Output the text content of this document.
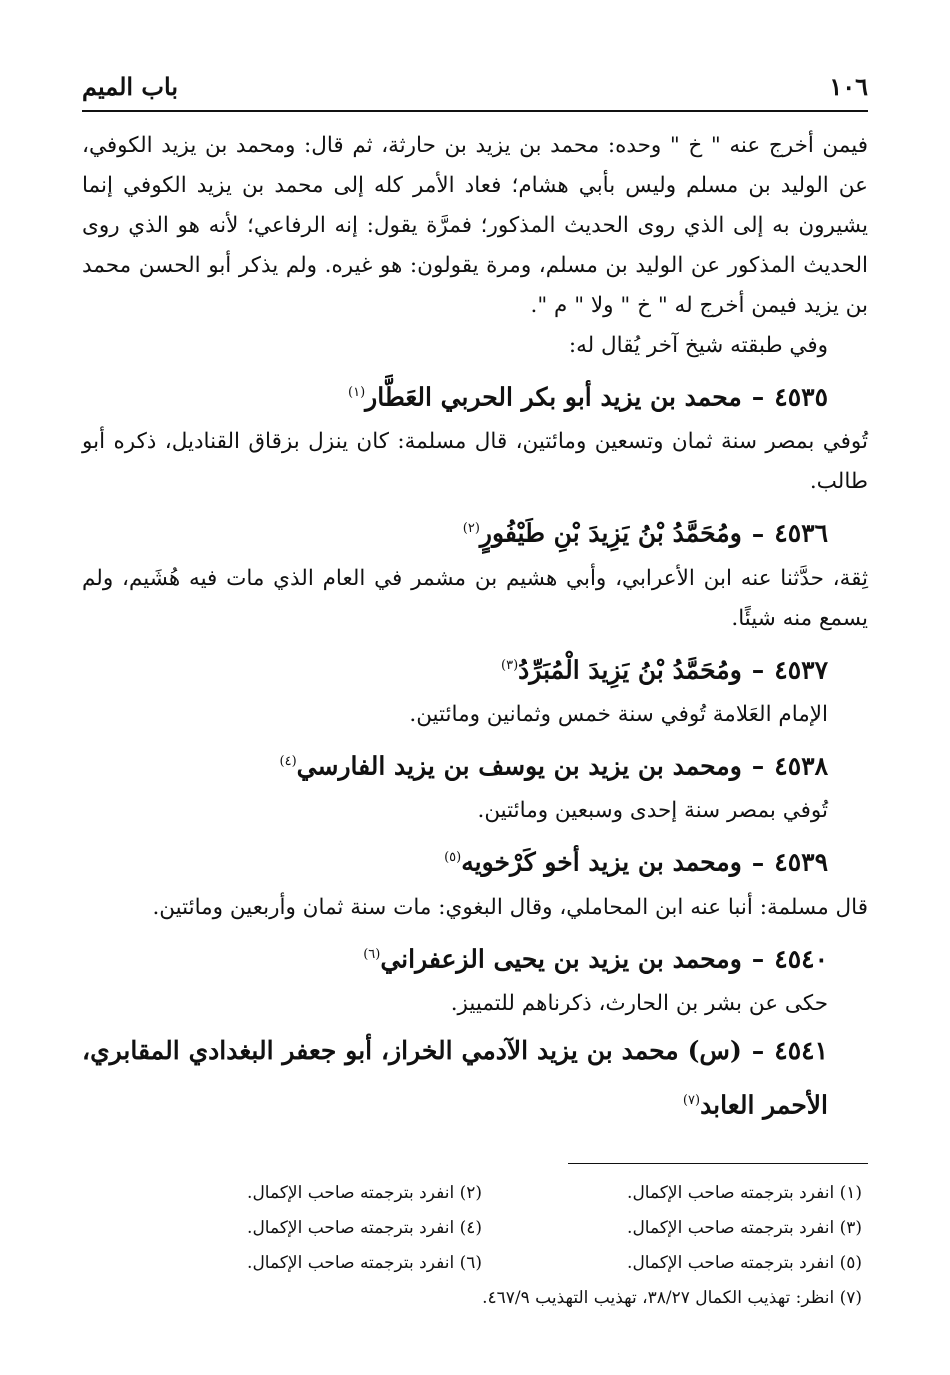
١٠٦
باب الميم

فيمن أخرج عنه " خ " وحده: محمد بن يزيد بن حارثة، ثم قال: ومحمد بن يزيد الكوفي، عن الوليد بن مسلم وليس بأبي هشام؛ فعاد الأمر كله إلى محمد بن يزيد الكوفي إنما يشيرون به إلى الذي روى الحديث المذكور؛ فمرَّة يقول: إنه الرفاعي؛ لأنه هو الذي روى الحديث المذكور عن الوليد بن مسلم، ومرة يقولون: هو غيره. ولم يذكر أبو الحسن محمد بن يزيد فيمن أخرج له " خ " ولا " م ".

وفي طبقته شيخ آخر يُقال له:

٤٥٣٥–محمد بن يزيد أبو بكر الحربي العَطَّار$^{(١)}$

تُوفي بمصر سنة ثمان وتسعين ومائتين، قال مسلمة: كان ينزل بزقاق القناديل، ذكره أبو طالب.

٤٥٣٦–ومُحَمَّدُ بْنُ يَزِيدَ بْنِ طَيْفُورٍ$^{(٢)}$

ثِقة، حدَّثنا عنه ابن الأعرابي، وأبي هشيم بن مشمر في العام الذي مات فيه هُشَيم، ولم يسمع منه شيئًا.

٤٥٣٧–ومُحَمَّدُ بْنُ يَزِيدَ الْمُبَرِّدُ$^{(٣)}$

الإمام العَلامة تُوفي سنة خمس وثمانين ومائتين.

٤٥٣٨–ومحمد بن يزيد بن يوسف بن يزيد الفارسي$^{(٤)}$

تُوفي بمصر سنة إحدى وسبعين ومائتين.

٤٥٣٩–ومحمد بن يزيد أخو كَرْخويه$^{(٥)}$

قال مسلمة: أنبا عنه ابن المحاملي، وقال البغوي: مات سنة ثمان وأربعين ومائتين.

٤٥٤٠–ومحمد بن يزيد بن يحيى الزعفراني$^{(٦)}$

حكى عن بشر بن الحارث، ذكرناهم للتمييز.

٤٥٤١–(س) محمد بن يزيد الآدمي الخراز، أبو جعفر البغدادي المقابري، الأحمر العابد$^{(٧)}$
(١) انفرد بترجمته صاحب الإكمال.
(٢) انفرد بترجمته صاحب الإكمال.
(٣) انفرد بترجمته صاحب الإكمال.
(٤) انفرد بترجمته صاحب الإكمال.
(٥) انفرد بترجمته صاحب الإكمال.
(٦) انفرد بترجمته صاحب الإكمال.
(٧) انظر: تهذيب الكمال ٣٨/٢٧، تهذيب التهذيب ٤٦٧/٩.
